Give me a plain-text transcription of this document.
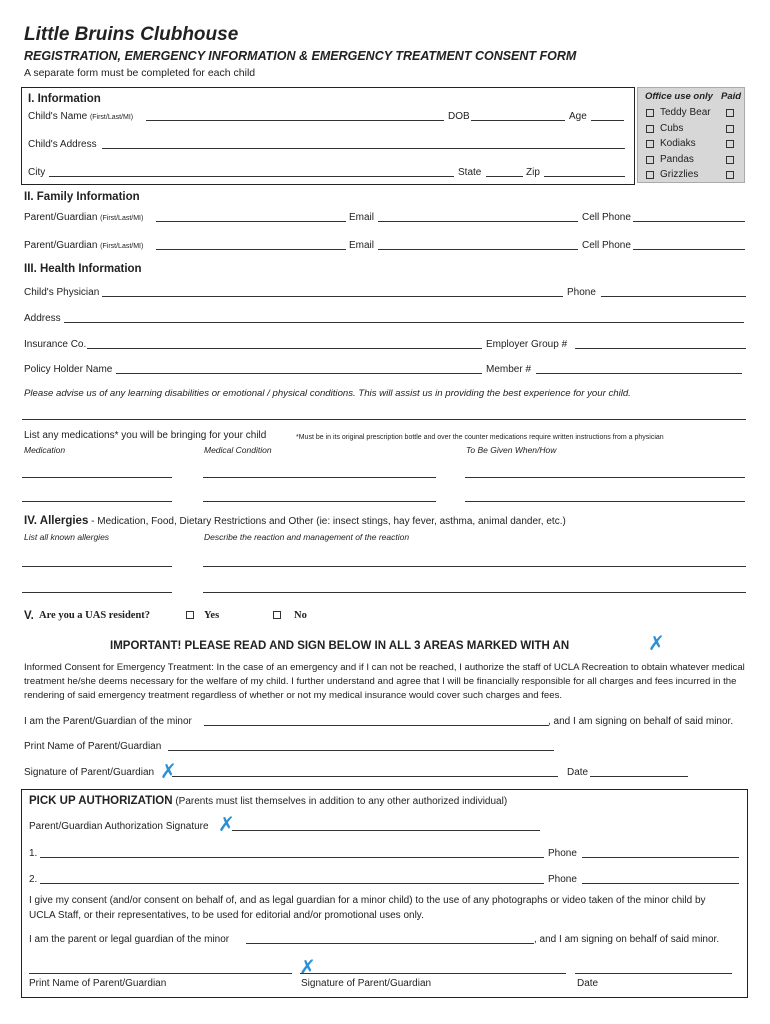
Little Bruins Clubhouse
REGISTRATION, EMERGENCY INFORMATION & EMERGENCY TREATMENT CONSENT FORM
A separate form must be completed for each child
I. Information
Child's Name (First/Last/MI)	DOB	Age
Child's Address
City	State	Zip
Office use only Paid
Teddy Bear
Cubs
Kodiaks
Pandas
Grizzlies
II. Family Information
Parent/Guardian (First/Last/MI)	Email	Cell Phone
Parent/Guardian (First/Last/MI)	Email	Cell Phone
III. Health Information
Child's Physician	Phone
Address
Insurance Co.	Employer Group #
Policy Holder Name	Member #
Please advise us of any learning disabilities or emotional / physical conditions. This will assist us in providing the best experience for your child.
List any medications* you will be bringing for your child	*Must be in its original prescription bottle and over the counter medications require written instructions from a physician
Medication	Medical Condition	To Be Given When/How
IV. Allergies - Medication, Food, Dietary Restrictions and Other (ie: insect stings, hay fever, asthma, animal dander, etc.)
List all known allergies	Describe the reaction and management of the reaction
V. Are you a UAS resident?	Yes	No
IMPORTANT! PLEASE READ AND SIGN BELOW IN ALL 3 AREAS MARKED WITH AN	✗
Informed Consent for Emergency Treatment: In the case of an emergency and if I can not be reached, I authorize the staff of UCLA Recreation to obtain whatever medical treatment he/she deems necessary for the welfare of my child. I further understand and agree that I will be financially responsible for all charges and fees incurred in the rendering of said emergency treatment regardless of whether or not my medical insurance would cover such charges and fees.
I am the Parent/Guardian of the minor	, and I am signing on behalf of said minor.
Print Name of Parent/Guardian
Signature of Parent/Guardian ✗	Date
PICK UP AUTHORIZATION (Parents must list themselves in addition to any other authorized individual)
Parent/Guardian Authorization Signature ✗
1.	Phone
2.	Phone
I give my consent (and/or consent on behalf of, and as legal guardian for a minor child) to the use of any photographs or video taken of the minor child by UCLA Staff, or their representatives, to be used for editorial and/or promotional uses only.
I am the parent or legal guardian of the minor	, and I am signing on behalf of said minor.
✗
Print Name of Parent/Guardian	Signature of Parent/Guardian	Date
